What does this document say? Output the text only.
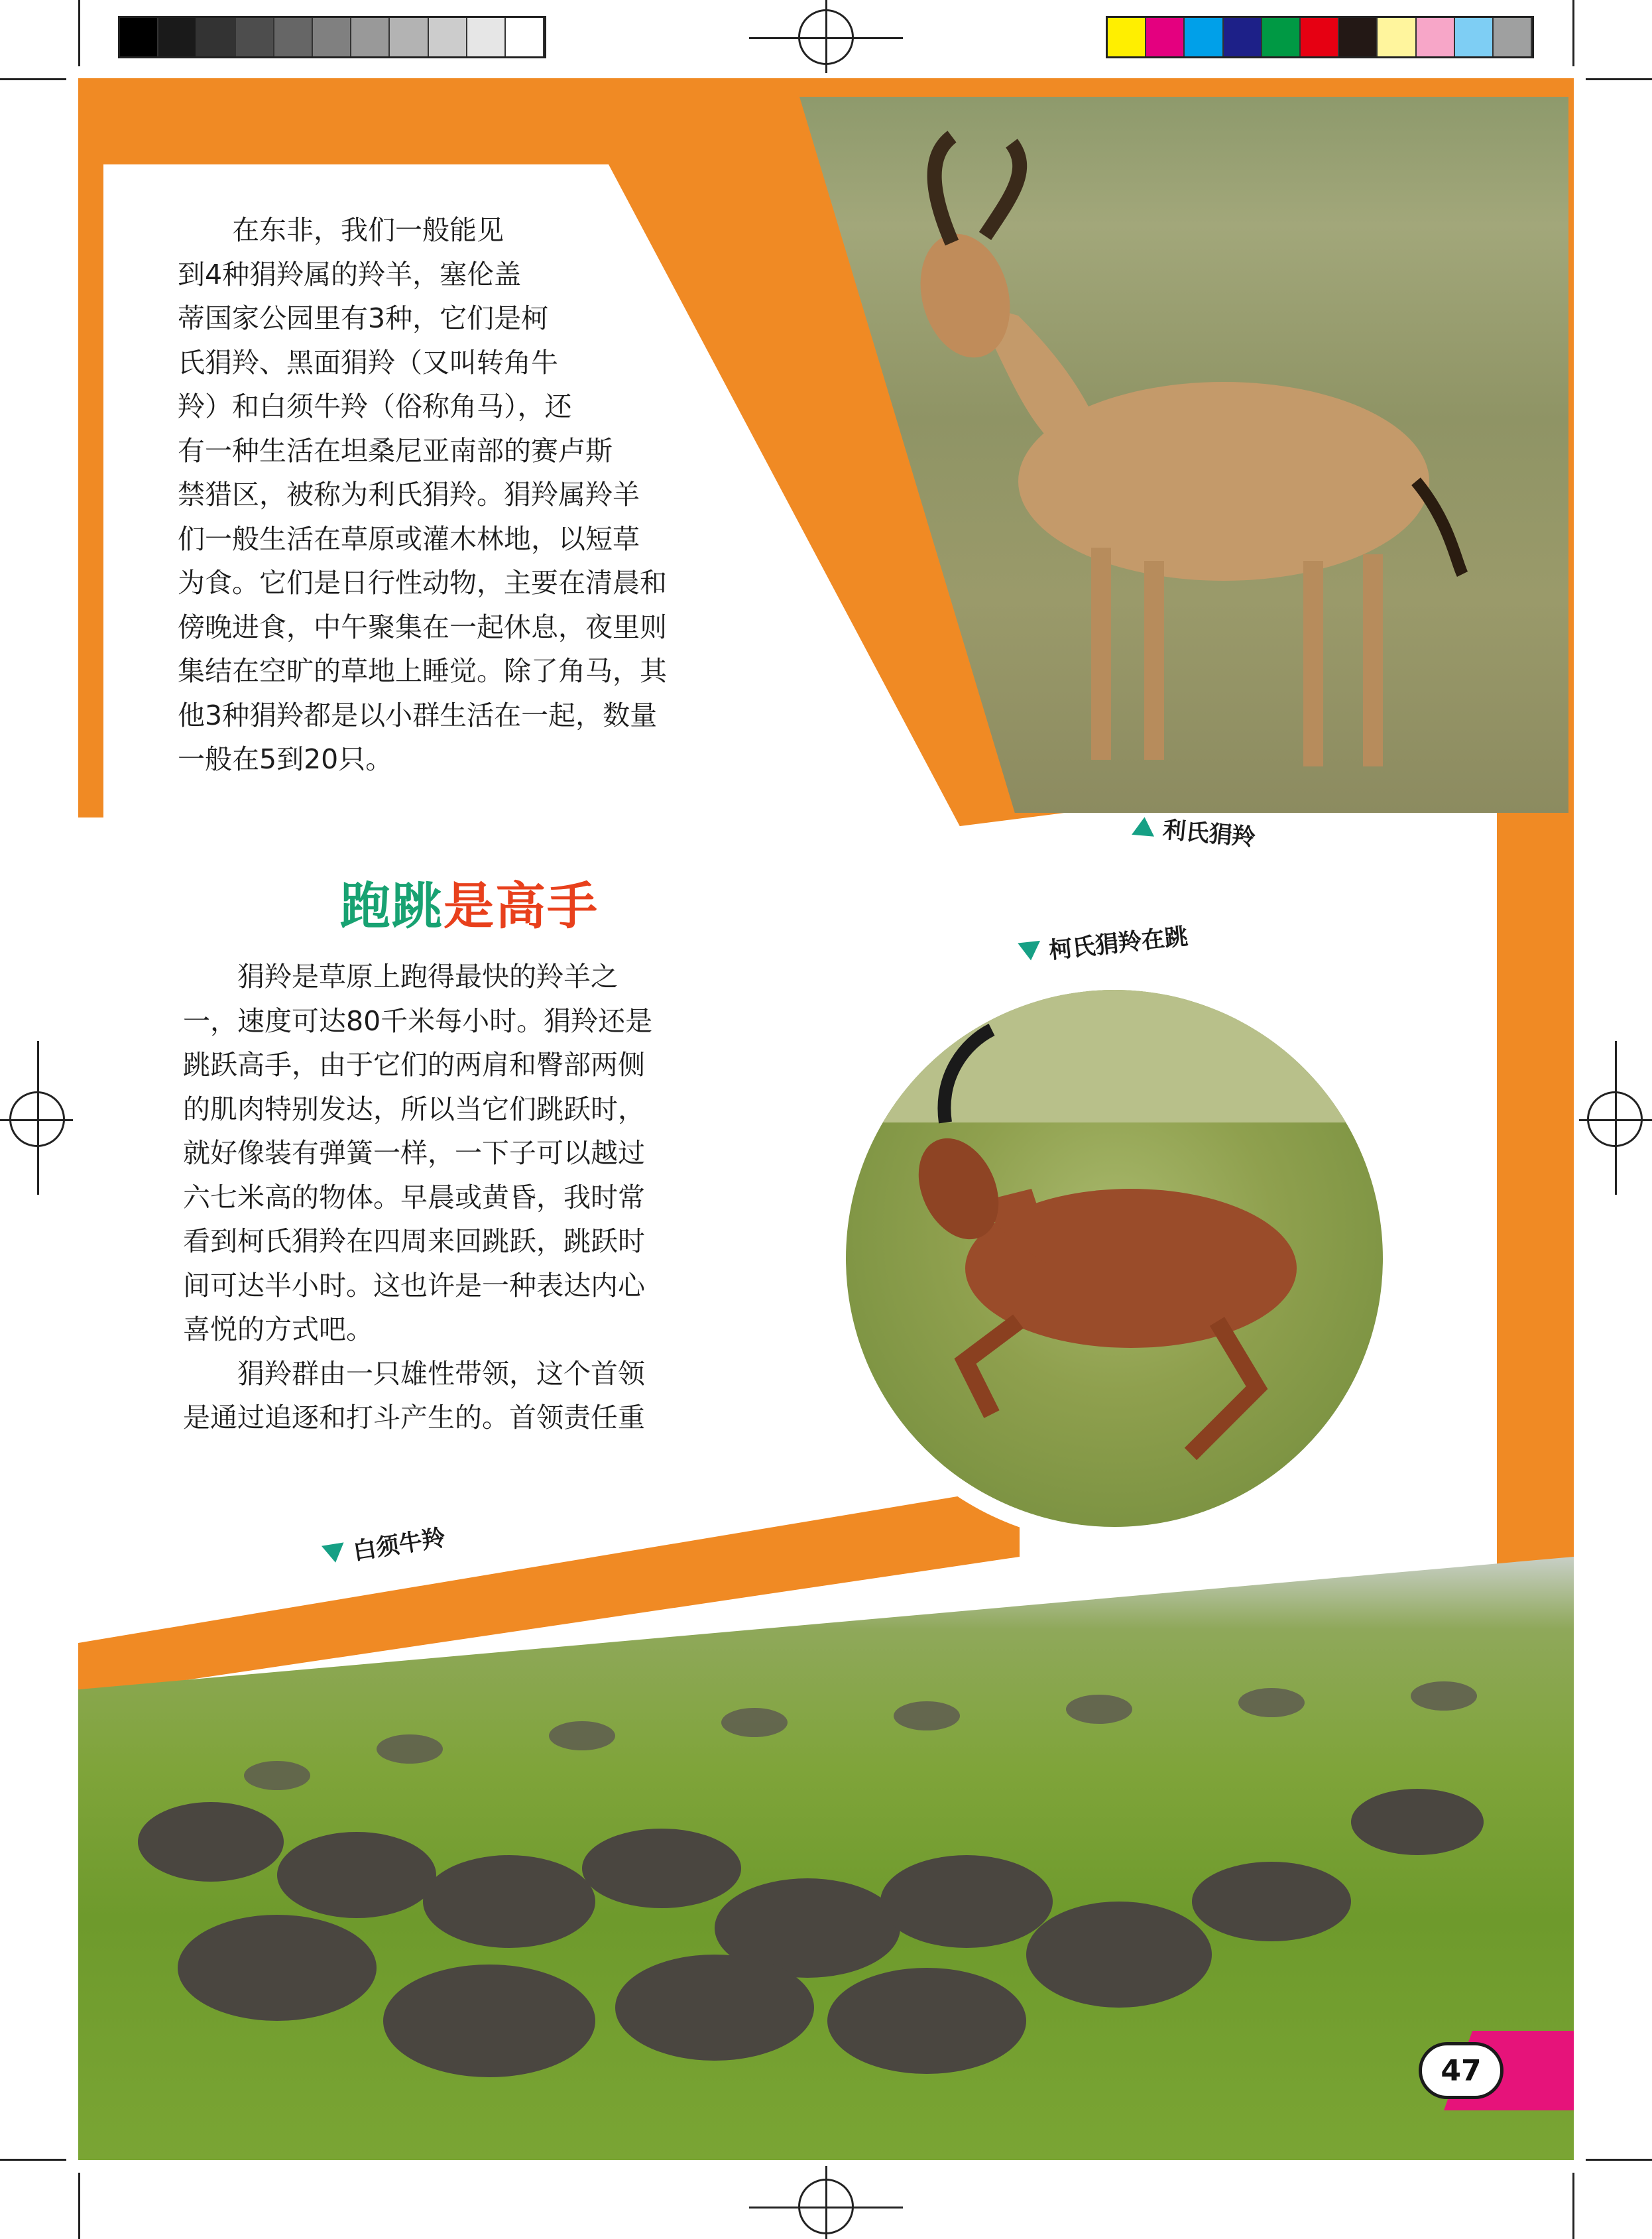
在东非，我们一般能见

到4种狷羚属的羚羊，塞伦盖

蒂国家公园里有3种，它们是柯

氏狷羚、黑面狷羚（又叫转角牛

羚）和白须牛羚（俗称角马），还

有一种生活在坦桑尼亚南部的赛卢斯

禁猎区，被称为利氏狷羚。狷羚属羚羊

们一般生活在草原或灌木林地，以短草

为食。它们是日行性动物，主要在清晨和

傍晚进食，中午聚集在一起休息，夜里则

集结在空旷的草地上睡觉。除了角马，其

他3种狷羚都是以小群生活在一起，数量

一般在5到20只。

跑跳是高手

狷羚是草原上跑得最快的羚羊之

一，速度可达80千米每小时。狷羚还是

跳跃高手，由于它们的两肩和臀部两侧

的肌肉特别发达，所以当它们跳跃时，

就好像装有弹簧一样，一下子可以越过

六七米高的物体。早晨或黄昏，我时常

看到柯氏狷羚在四周来回跳跃，跳跃时

间可达半小时。这也许是一种表达内心

喜悦的方式吧。

狷羚群由一只雄性带领，这个首领

是通过追逐和打斗产生的。首领责任重

利氏狷羚
柯氏狷羚在跳
白须牛羚
47
